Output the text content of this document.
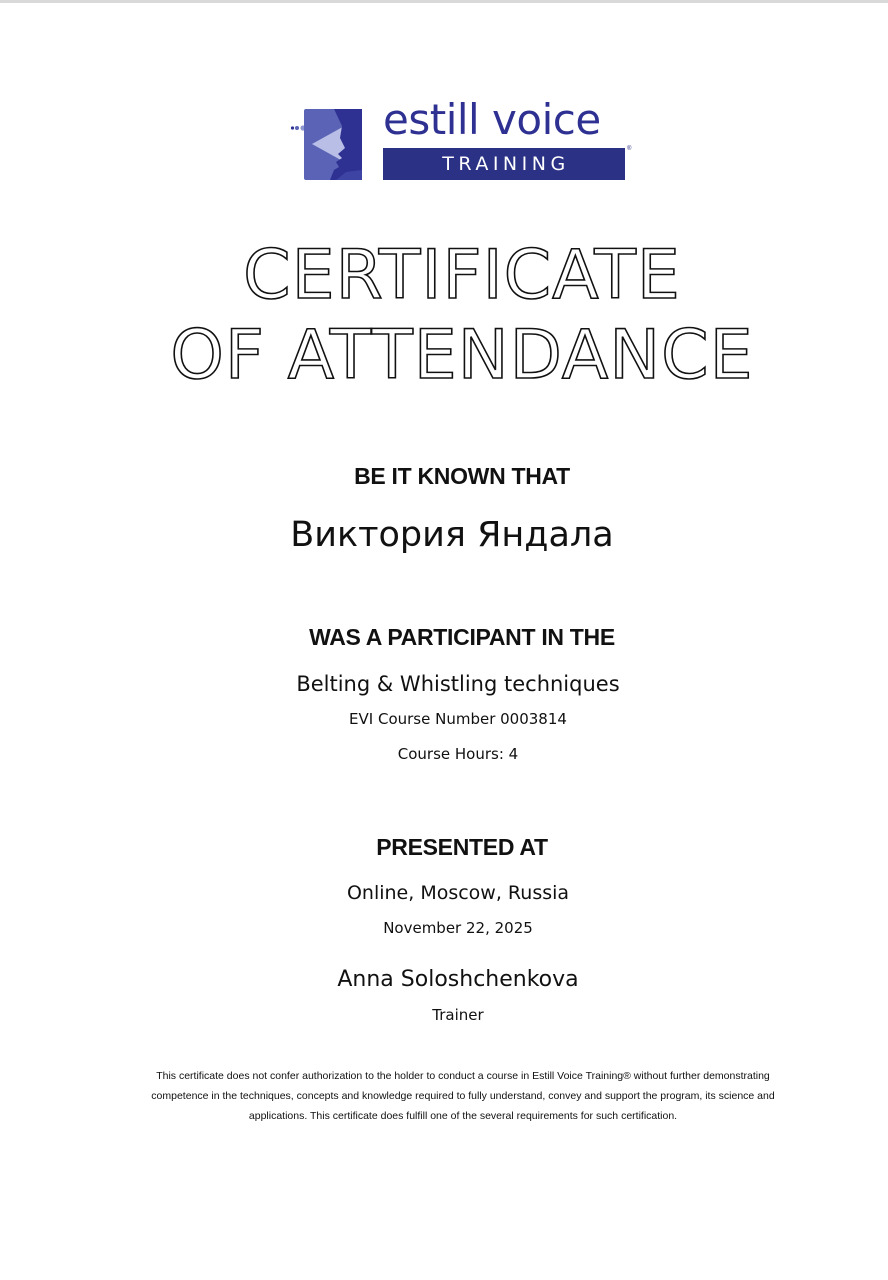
estill voice
TRAINING
®
CERTIFICATE
OF ATTENDANCE
BE IT KNOWN THAT
Виктория Яндала
WAS A PARTICIPANT IN THE
Belting & Whistling techniques
EVI Course Number 0003814
Course Hours: 4
PRESENTED AT
Online, Moscow, Russia
November 22, 2025
Anna Soloshchenkova
Trainer
This certificate does not confer authorization to the holder to conduct a course in Estill Voice Training® without further demonstrating competence in the techniques, concepts and knowledge required to fully understand, convey and support the program, its science and applications. This certificate does fulfill one of the several requirements for such certification.
